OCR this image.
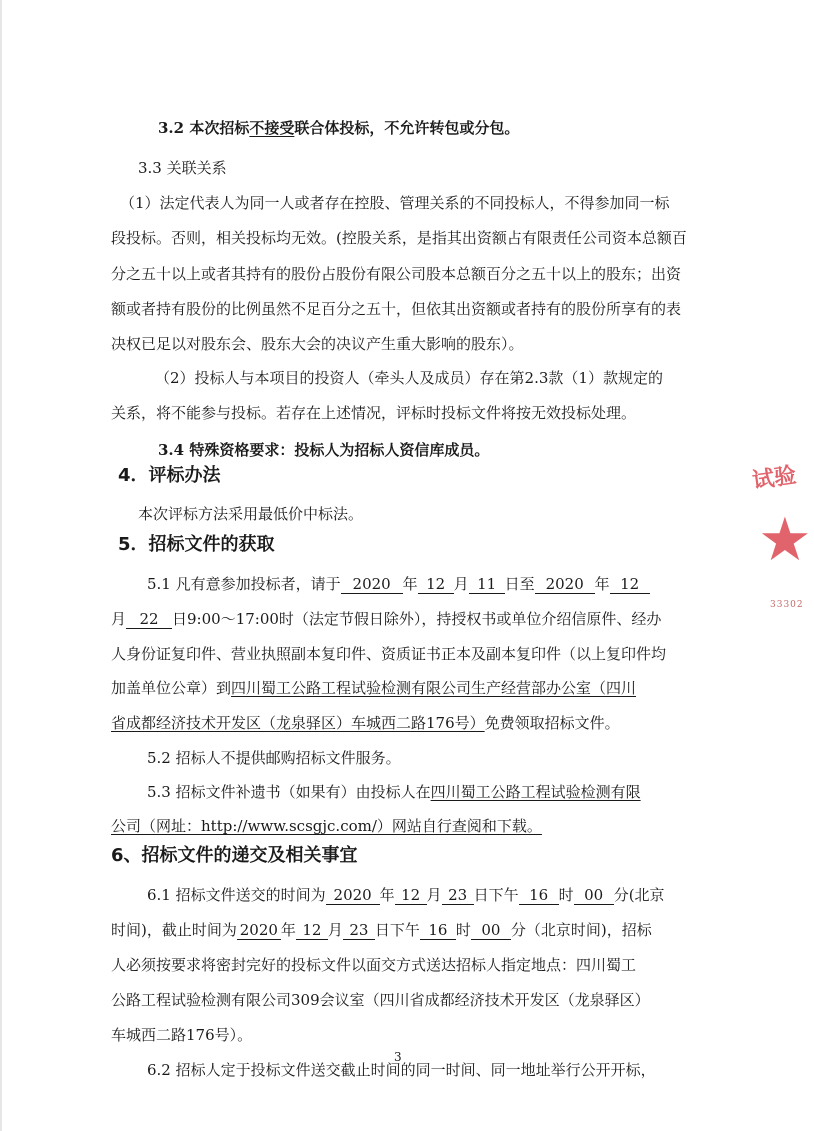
3.2 本次招标不接受联合体投标，不允许转包或分包。
3.3 关联关系
（1）法定代表人为同一人或者存在控股、管理关系的不同投标人，不得参加同一标
段投标。否则，相关投标均无效。(控股关系，是指其出资额占有限责任公司资本总额百
分之五十以上或者其持有的股份占股份有限公司股本总额百分之五十以上的股东；出资
额或者持有股份的比例虽然不足百分之五十，但依其出资额或者持有的股份所享有的表
决权已足以对股东会、股东大会的决议产生重大影响的股东）。
（2）投标人与本项目的投资人（牵头人及成员）存在第2.3款（1）款规定的
关系，将不能参与投标。若存在上述情况，评标时投标文件将按无效投标处理。
3.4 特殊资格要求：投标人为招标人资信库成员。
4．评标办法
本次评标方法采用最低价中标法。
5．招标文件的获取
5.1 凡有意参加投标者，请于 2020 年 12 月 11 日至 2020 年 12
月 22 日9:00～17:00时（法定节假日除外），持授权书或单位介绍信原件、经办
人身份证复印件、营业执照副本复印件、资质证书正本及副本复印件（以上复印件均
加盖单位公章）到四川蜀工公路工程试验检测有限公司生产经营部办公室（四川
省成都经济技术开发区（龙泉驿区）车城西二路176号）免费领取招标文件。
5.2 招标人不提供邮购招标文件服务。
5.3 招标文件补遗书（如果有）由投标人在四川蜀工公路工程试验检测有限
公司（网址：http://www.scsgjc.com/）网站自行查阅和下载。
6、招标文件的递交及相关事宜
6.1 招标文件送交的时间为 2020 年 12 月 23 日下午 16 时 00 分(北京
时间)，截止时间为 2020 年 12 月 23 日下午 16 时 00 分（北京时间)，招标
人必须按要求将密封完好的投标文件以面交方式送达招标人指定地点：四川蜀工
公路工程试验检测有限公司309会议室（四川省成都经济技术开发区（龙泉驿区）
车城西二路176号）。
6.2 招标人定于投标文件送交截止时间的同一时间、同一地址举行公开开标，
试验
★
33302
3
